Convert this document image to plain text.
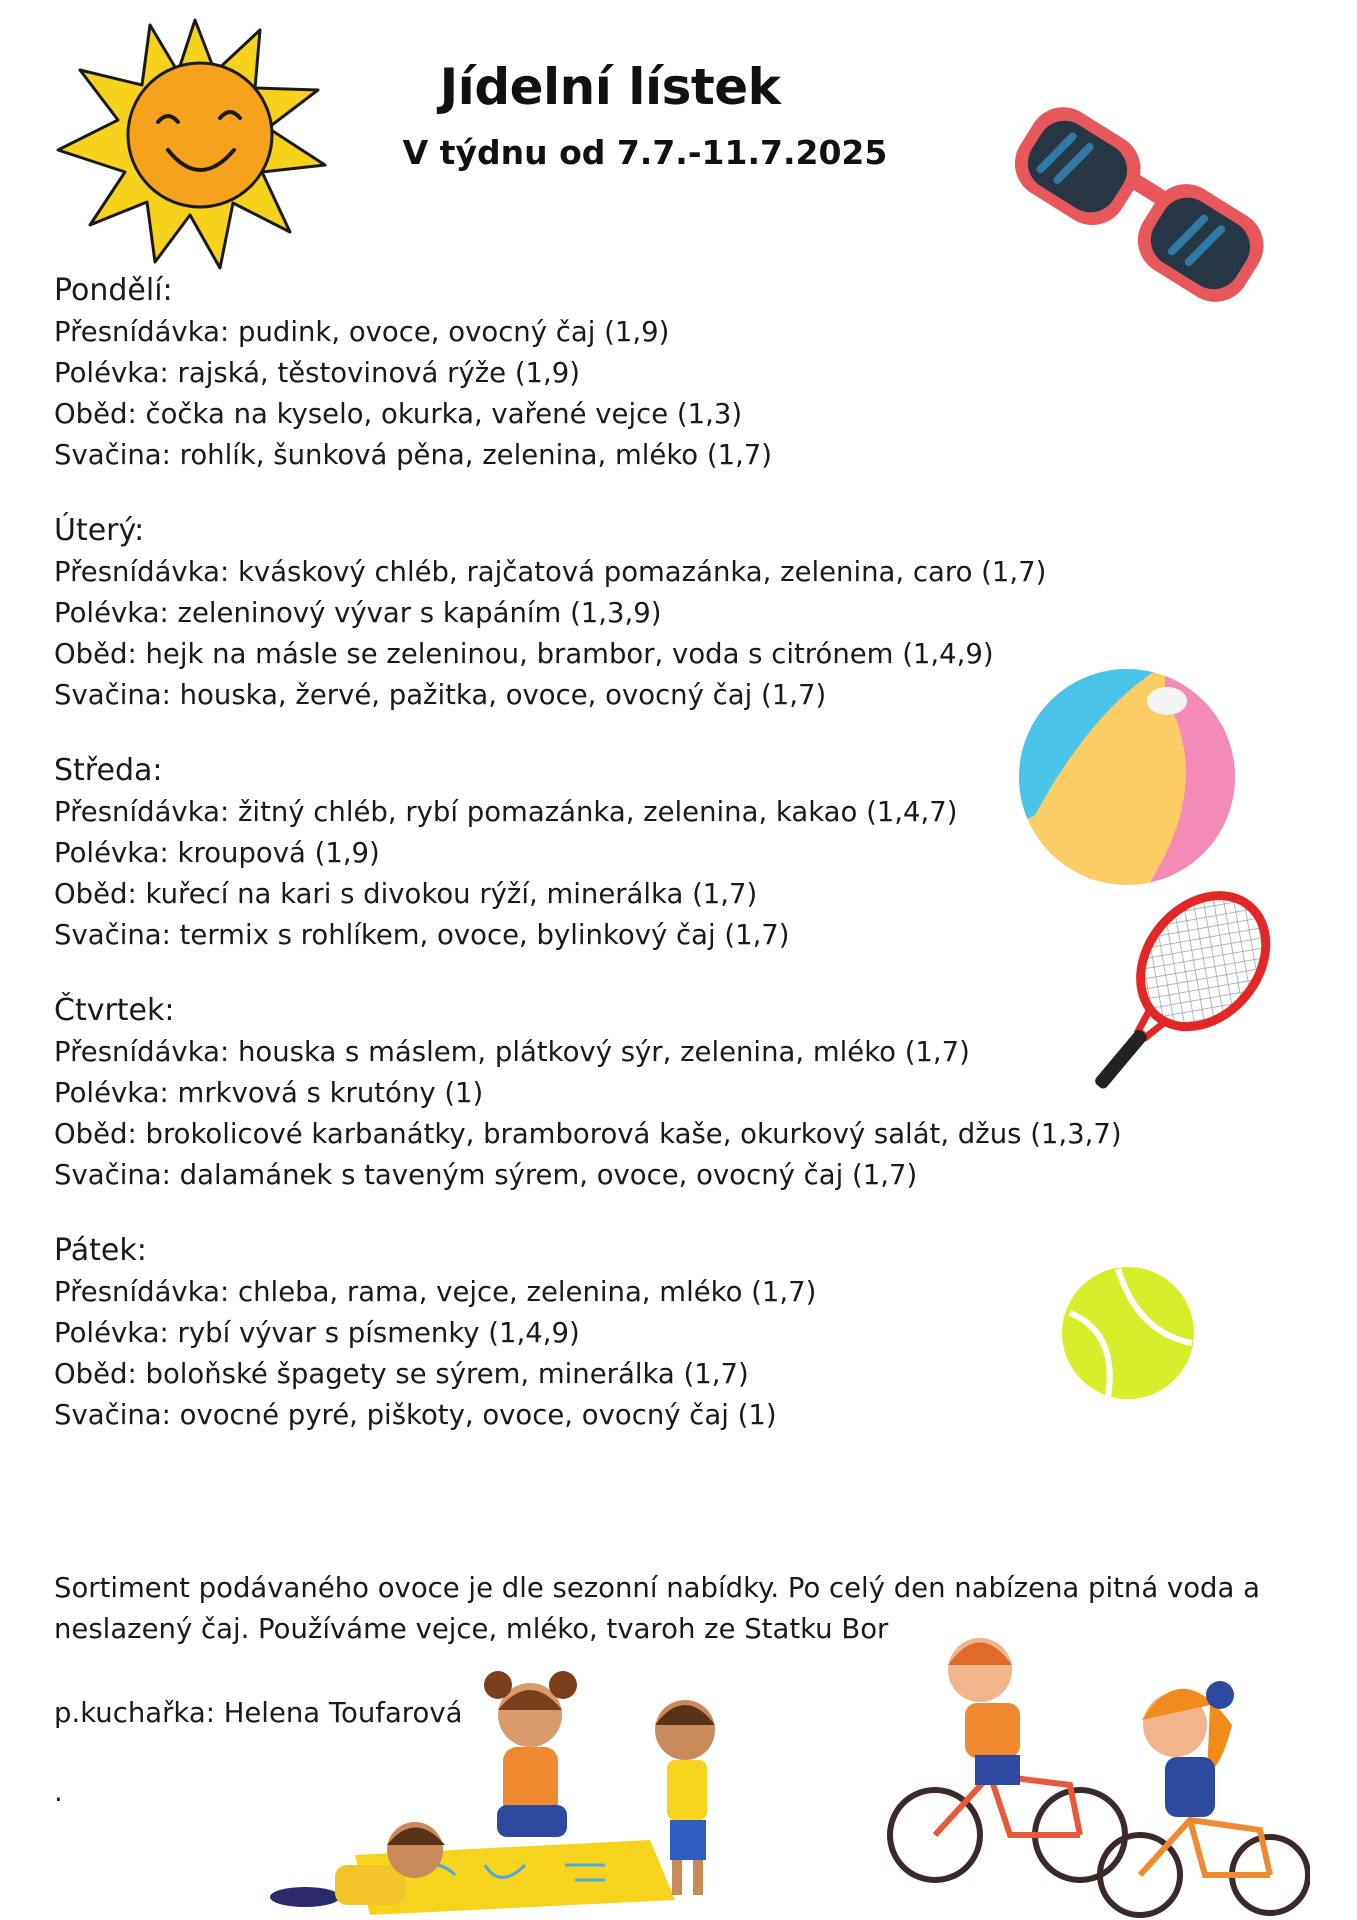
Jídelní lístek
V týdnu od 7.7.-11.7.2025
Pondělí:
Přesnídávka: pudink, ovoce, ovocný čaj (1,9)
Polévka: rajská, těstovinová rýže (1,9)
Oběd: čočka na kyselo, okurka, vařené vejce (1,3)
Svačina: rohlík, šunková pěna, zelenina, mléko (1,7)
Úterý:
Přesnídávka: kváskový chléb, rajčatová pomazánka, zelenina, caro (1,7)
Polévka: zeleninový vývar s kapáním (1,3,9)
Oběd: hejk na másle se zeleninou, brambor, voda s citrónem (1,4,9)
Svačina: houska, žervé, pažitka, ovoce, ovocný čaj (1,7)
Středa:
Přesnídávka: žitný chléb, rybí pomazánka, zelenina, kakao (1,4,7)
Polévka: kroupová (1,9)
Oběd: kuřecí na kari s divokou rýží, minerálka (1,7)
Svačina: termix s rohlíkem, ovoce, bylinkový čaj (1,7)
Čtvrtek:
Přesnídávka: houska s máslem, plátkový sýr, zelenina, mléko (1,7)
Polévka: mrkvová s krutóny (1)
Oběd: brokolicové karbanátky, bramborová kaše, okurkový salát, džus (1,3,7)
Svačina: dalamánek s taveným sýrem, ovoce, ovocný čaj (1,7)
Pátek:
Přesnídávka: chleba, rama, vejce, zelenina, mléko (1,7)
Polévka: rybí vývar s písmenky (1,4,9)
Oběd: boloňské špagety se sýrem, minerálka (1,7)
Svačina: ovocné pyré, piškoty, ovoce, ovocný čaj (1)
Sortiment podávaného ovoce je dle sezonní nabídky. Po celý den nabízena pitná voda a neslazený čaj. Používáme vejce, mléko, tvaroh ze Statku Bor
p.kuchařka: Helena Toufarová
.
